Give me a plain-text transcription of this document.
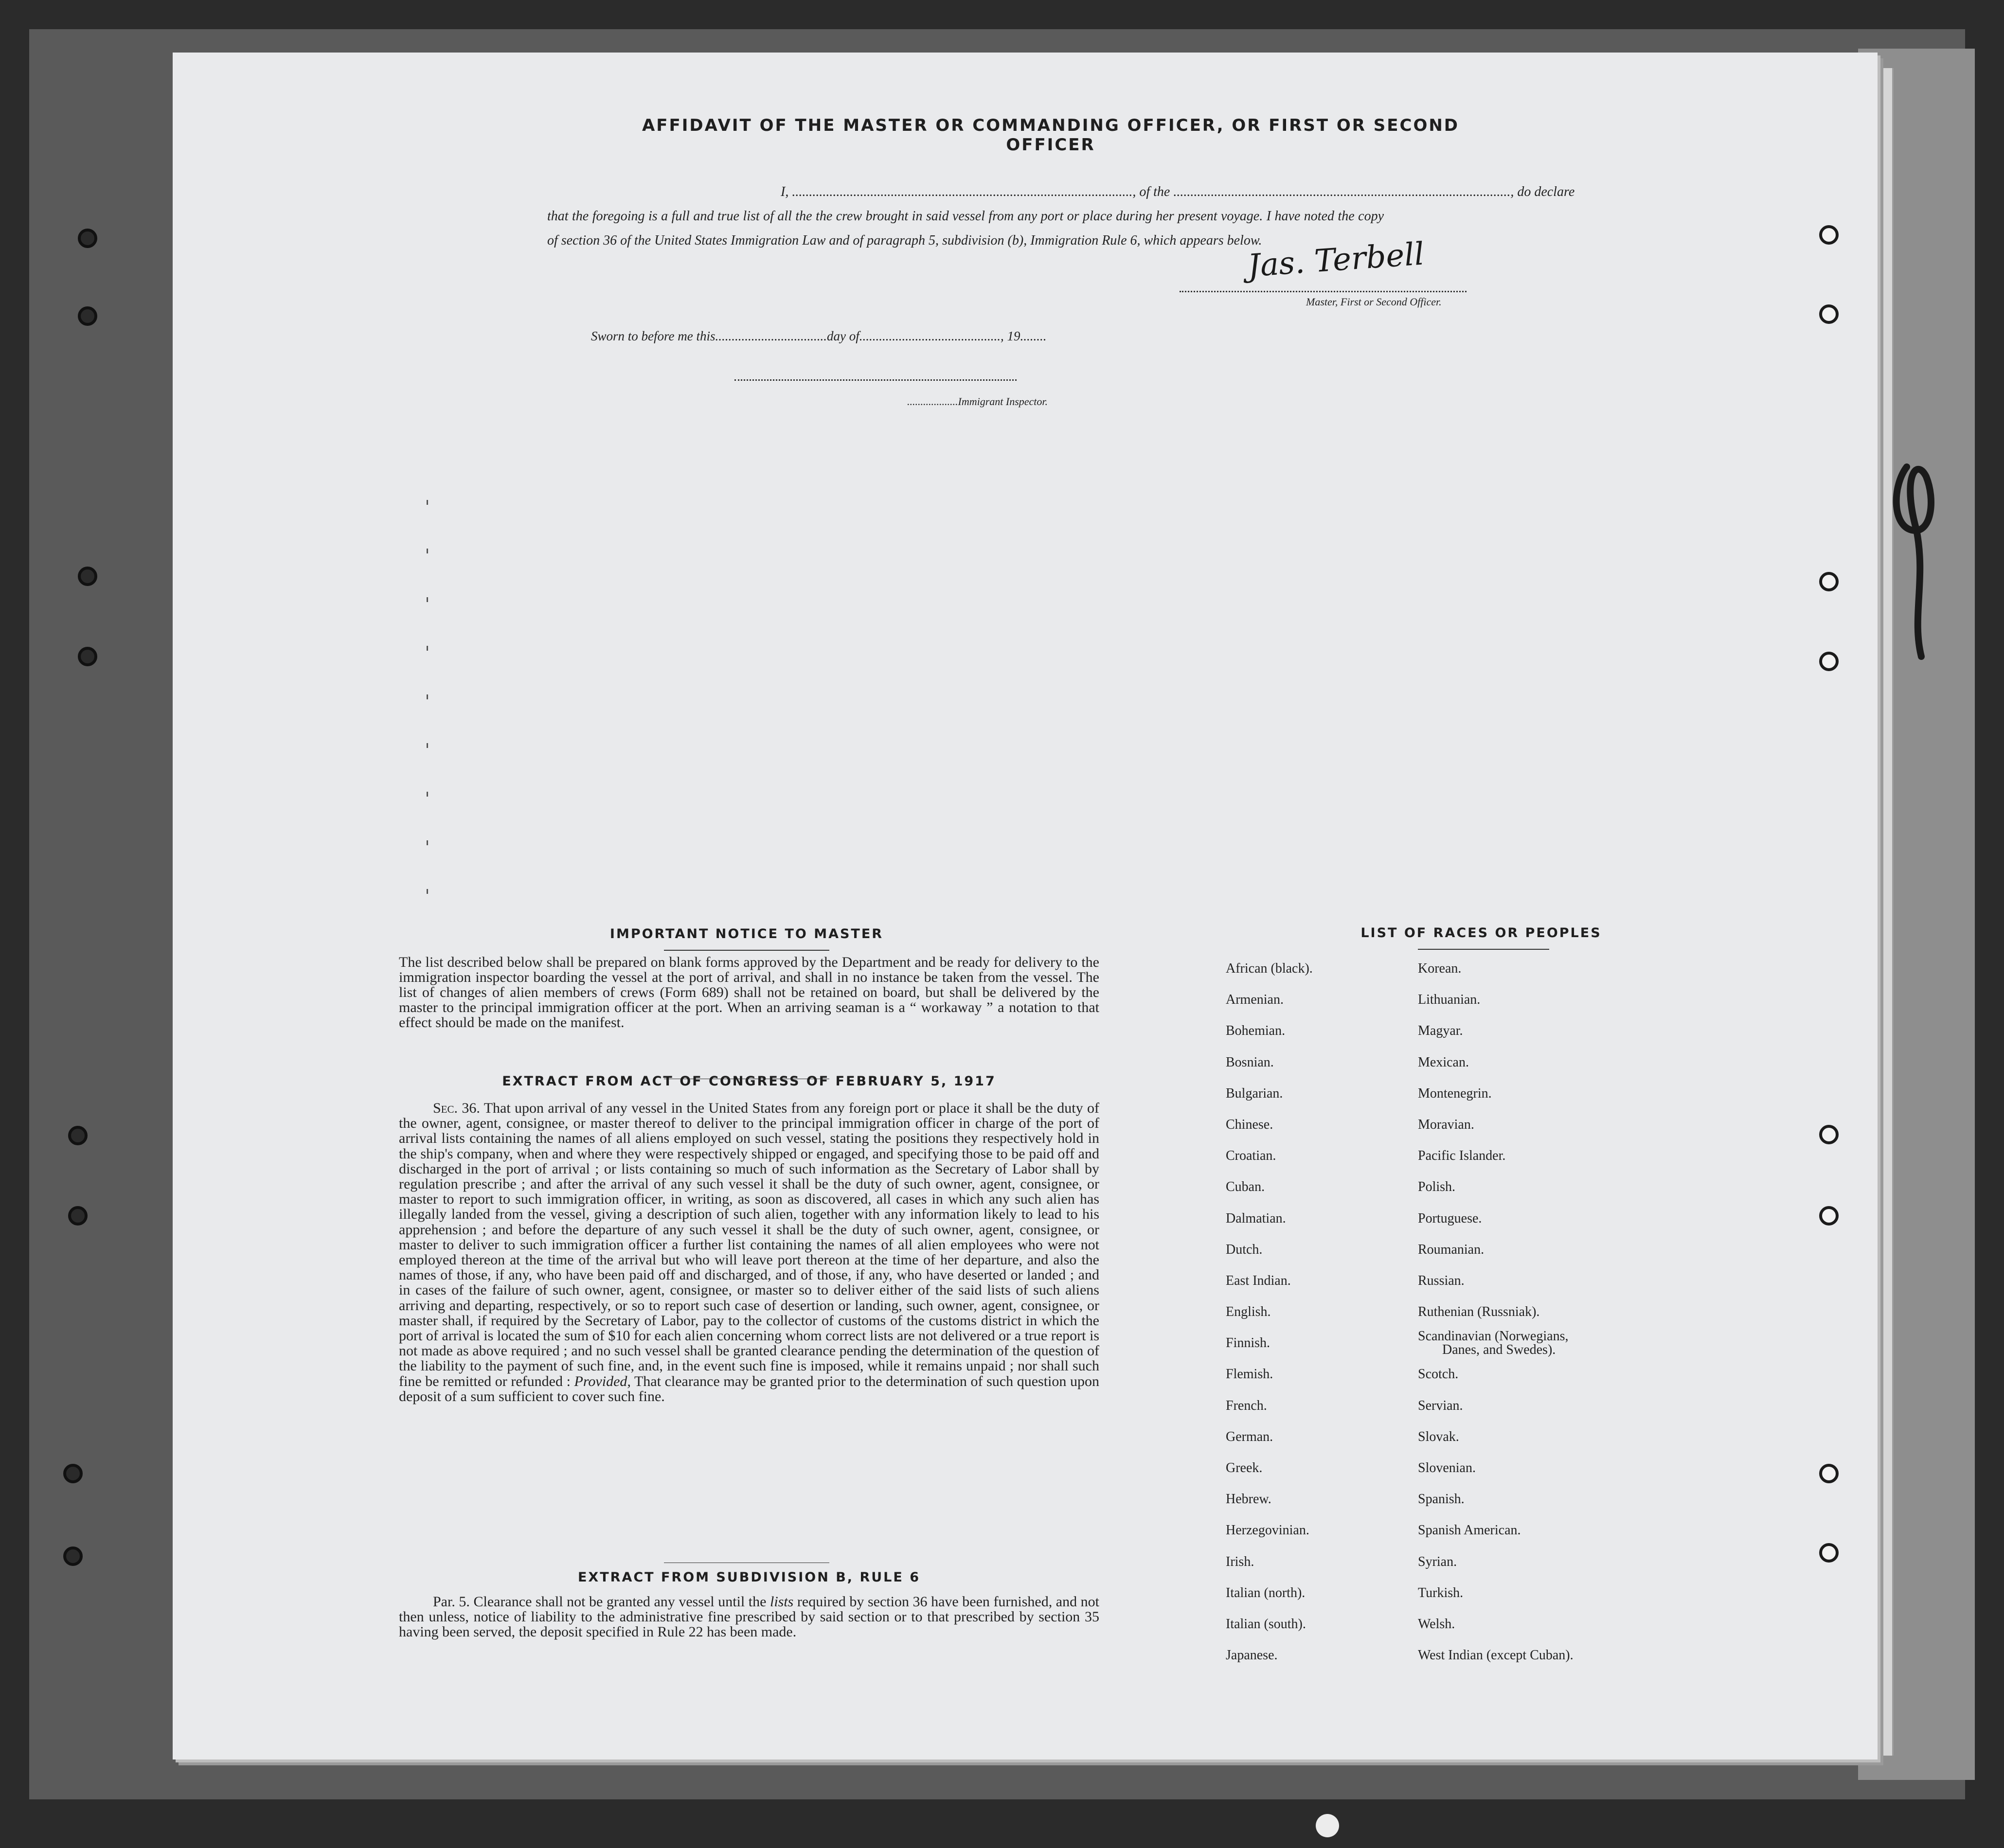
AFFIDAVIT OF THE MASTER OR COMMANDING OFFICER, OR FIRST OR SECOND OFFICER
I, ...................................................................................................., of the ..................................................................................................., do declare
that the foregoing is a full and true list of all the the crew brought in said vessel from any port or place during her present voyage. I have noted the copy of section 36 of the United States Immigration Law and of paragraph 5, subdivision (b), Immigration Rule 6, which appears below.
Jas. Terbell
Master, First or Second Officer.
Sworn to before me this..................................day of..........................................., 19........
...................Immigrant Inspector.
IMPORTANT NOTICE TO MASTER
The list described below shall be prepared on blank forms approved by the Department and be ready for delivery to the immigration inspector boarding the vessel at the port of arrival, and shall in no instance be taken from the vessel. The list of changes of alien members of crews (Form 689) shall not be retained on board, but shall be delivered by the master to the principal immigration officer at the port. When an arriving seaman is a “ workaway ” a notation to that effect should be made on the manifest.
EXTRACT FROM ACT OF CONGRESS OF FEBRUARY 5, 1917
Sec. 36. That upon arrival of any vessel in the United States from any foreign port or place it shall be the duty of the owner, agent, consignee, or master thereof to deliver to the principal immigration officer in charge of the port of arrival lists containing the names of all aliens employed on such vessel, stating the positions they respectively hold in the ship's company, when and where they were respectively shipped or engaged, and specifying those to be paid off and discharged in the port of arrival ; or lists containing so much of such information as the Secretary of Labor shall by regulation prescribe ; and after the arrival of any such vessel it shall be the duty of such owner, agent, consignee, or master to report to such immigration officer, in writing, as soon as discovered, all cases in which any such alien has illegally landed from the vessel, giving a description of such alien, together with any information likely to lead to his apprehension ; and before the departure of any such vessel it shall be the duty of such owner, agent, consignee, or master to deliver to such immigration officer a further list containing the names of all alien employees who were not employed thereon at the time of the arrival but who will leave port thereon at the time of her departure, and also the names of those, if any, who have been paid off and discharged, and of those, if any, who have deserted or landed ; and in cases of the failure of such owner, agent, consignee, or master so to deliver either of the said lists of such aliens arriving and departing, respectively, or so to report such case of desertion or landing, such owner, agent, consignee, or master shall, if required by the Secretary of Labor, pay to the collector of customs of the customs district in which the port of arrival is located the sum of $10 for each alien concerning whom correct lists are not delivered or a true report is not made as above required ; and no such vessel shall be granted clearance pending the determination of the question of the liability to the payment of such fine, and, in the event such fine is imposed, while it remains unpaid ; nor shall such fine be remitted or refunded : Provided, That clearance may be granted prior to the determination of such question upon deposit of a sum sufficient to cover such fine.
EXTRACT FROM SUBDIVISION B, RULE 6
Par. 5. Clearance shall not be granted any vessel until the lists required by section 36 have been furnished, and not then unless, notice of liability to the administrative fine prescribed by said section or to that prescribed by section 35 having been served, the deposit specified in Rule 22 has been made.
LIST OF RACES OR PEOPLES
African (black).
Armenian.
Bohemian.
Bosnian.
Bulgarian.
Chinese.
Croatian.
Cuban.
Dalmatian.
Dutch.
East Indian.
English.
Finnish.
Flemish.
French.
German.
Greek.
Hebrew.
Herzegovinian.
Irish.
Italian (north).
Italian (south).
Japanese.
Korean.
Lithuanian.
Magyar.
Mexican.
Montenegrin.
Moravian.
Pacific Islander.
Polish.
Portuguese.
Roumanian.
Russian.
Ruthenian (Russniak).
Scandinavian (Norwegians,
Danes, and Swedes).
Scotch.
Servian.
Slovak.
Slovenian.
Spanish.
Spanish American.
Syrian.
Turkish.
Welsh.
West Indian (except Cuban).
